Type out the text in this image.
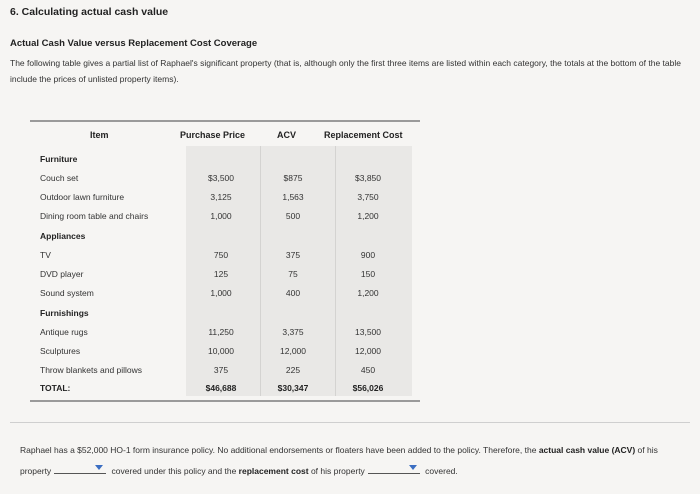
6. Calculating actual cash value
Actual Cash Value versus Replacement Cost Coverage
The following table gives a partial list of Raphael's significant property (that is, although only the first three items are listed within each category, the totals at the bottom of the table include the prices of unlisted property items).
Item	Purchase Price	ACV	Replacement Cost
Furniture
Couch set	$3,500	$875	$3,850
Outdoor lawn furniture	3,125	1,563	3,750
Dining room table and chairs	1,000	500	1,200
Appliances
TV	750	375	900
DVD player	125	75	150
Sound system	1,000	400	1,200
Furnishings
Antique rugs	11,250	3,375	13,500
Sculptures	10,000	12,000	12,000
Throw blankets and pillows	375	225	450
TOTAL:	$46,688	$30,347	$56,026
Raphael has a $52,000 HO-1 form insurance policy. No additional endorsements or floaters have been added to the policy. Therefore, the actual cash value (ACV) of his property	covered under this policy and the replacement cost of his property	covered.
